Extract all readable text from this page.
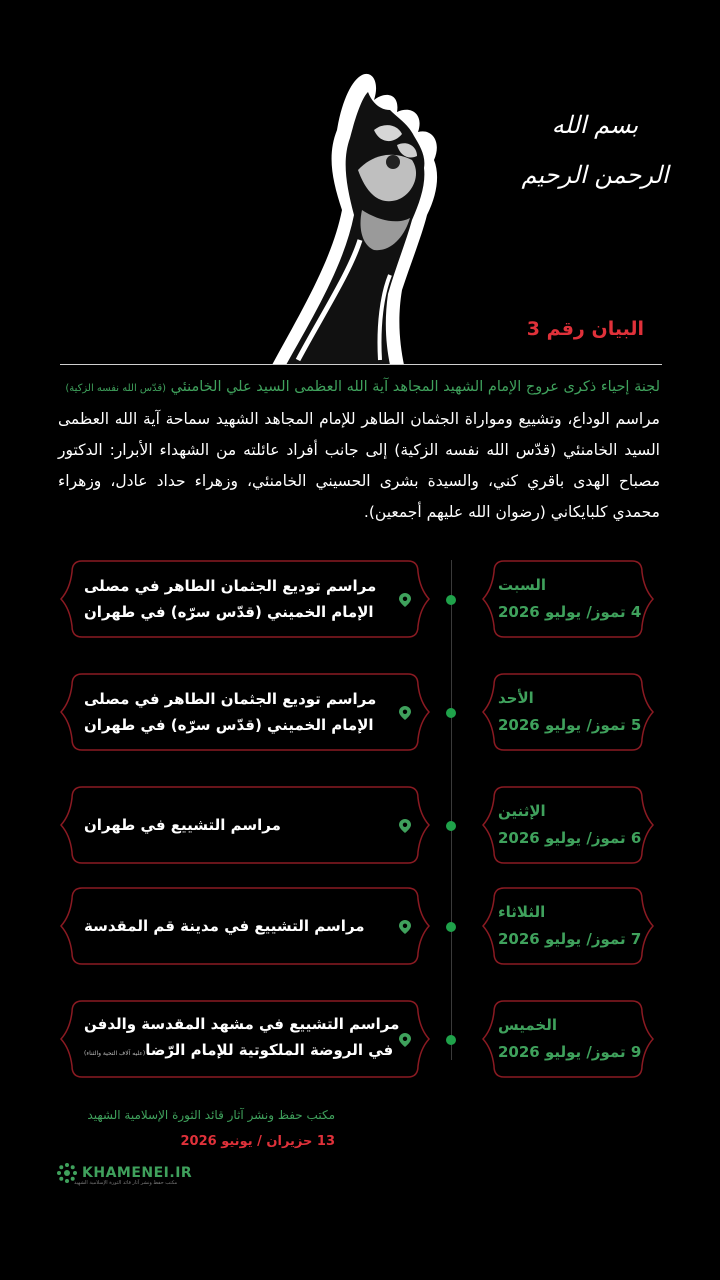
بسم الله الرحمن الرحيم
البيان رقم 3
لجنة إحياء ذكرى عروج الإمام الشهيد المجاهد آية الله العظمى السيد علي الخامنئي (قدّس الله نفسه الزكية)
مراسم الوداع، وتشييع ومواراة الجثمان الطاهر للإمام المجاهد الشهيد سماحة آية الله العظمى السيد الخامنئي (قدّس الله نفسه الزكية) إلى جانب أفراد عائلته من الشهداء الأبرار: الدكتور مصباح الهدى باقري كني، والسيدة بشرى الحسيني الخامنئي، وزهراء حداد عادل، وزهراء محمدي كلبايكاني (رضوان الله عليهم أجمعين).
مراسم توديع الجثمان الطاهر في مصلى
الإمام الخميني (قدّس سرّه) في طهران
السبت
4 تموز/ يوليو 2026
مراسم توديع الجثمان الطاهر في مصلى
الإمام الخميني (قدّس سرّه) في طهران
الأحد
5 تموز/ يوليو 2026
مراسم التشييع في طهران
الإثنين
6 تموز/ يوليو 2026
مراسم التشييع في مدينة قم المقدسة
الثلاثاء
7 تموز/ يوليو 2026
مراسم التشييع في مشهد المقدسة والدفن
في الروضة الملكوتية للإمام الرّضا(عليه آلاف التحية والثناء)
الخميس
9 تموز/ يوليو 2026
مكتب حفظ ونشر آثار قائد الثورة الإسلامية الشهيد
13 حزيران / يونيو 2026
KHAMENEI.IR
مكتب حفظ ونشر آثار قائد الثورة الإسلامية الشهيد
